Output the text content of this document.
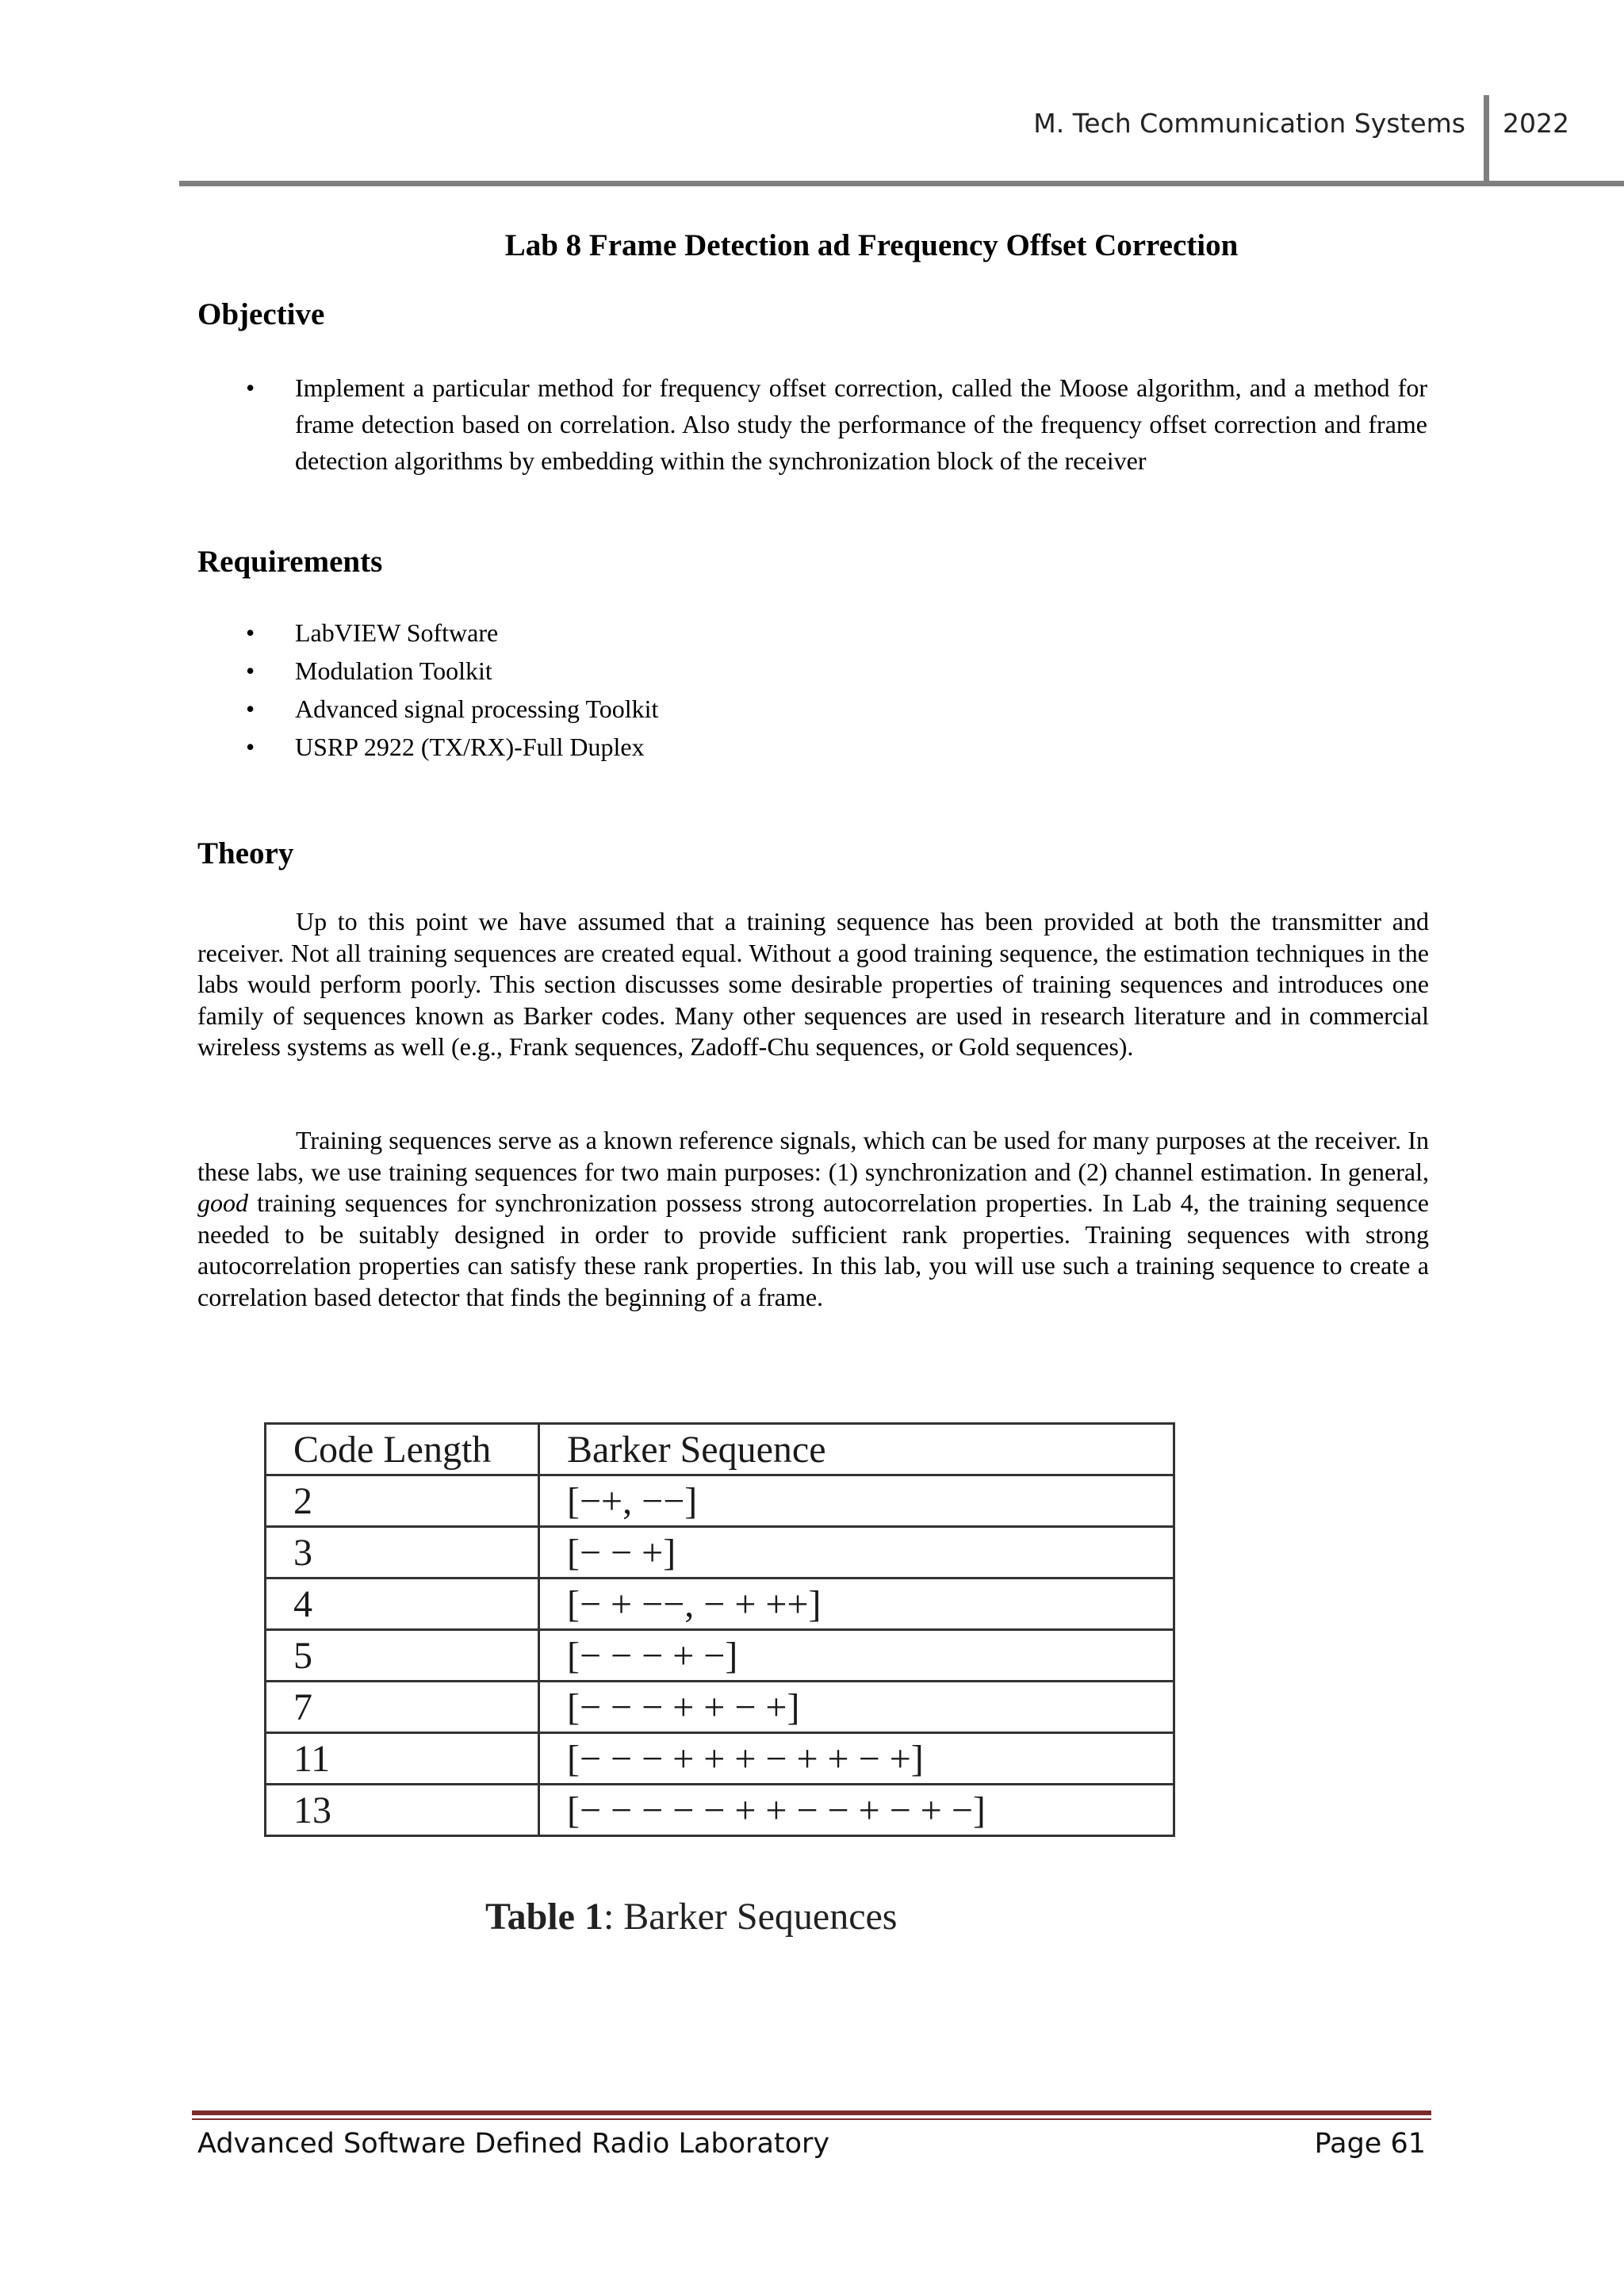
M. Tech Communication Systems 2022
Lab 8 Frame Detection ad Frequency Offset Correction
Objective
• Implement a particular method for frequency offset correction, called the Moose algorithm, and a method for frame detection based on correlation. Also study the performance of the frequency offset correction and frame detection algorithms by embedding within the synchronization block of the receiver
Requirements
• LabVIEW Software
• Modulation Toolkit
• Advanced signal processing Toolkit
• USRP 2922 (TX/RX)-Full Duplex
Theory

Up to this point we have assumed that a training sequence has been provided at both the transmitter and receiver. Not all training sequences are created equal. Without a good training sequence, the estimation techniques in the labs would perform poorly. This section discusses some desirable properties of training sequences and introduces one family of sequences known as Barker codes. Many other sequences are used in research literature and in commercial wireless systems as well (e.g., Frank sequences, Zadoff-Chu sequences, or Gold sequences).

Training sequences serve as a known reference signals, which can be used for many purposes at the receiver. In these labs, we use training sequences for two main purposes: (1) synchronization and (2) channel estimation. In general, good training sequences for synchronization possess strong autocorrelation properties. In Lab 4, the training sequence needed to be suitably designed in order to provide sufficient rank properties. Training sequences with strong autocorrelation properties can satisfy these rank properties. In this lab, you will use such a training sequence to create a correlation based detector that finds the beginning of a frame.

Code Length	Barker Sequence
2	[−+, −−]
3	[− − +]
4	[− + −−, − + ++]
5	[− − − + −]
7	[− − − + + − +]
11	[− − − + + + − + + − +]
13	[− − − − − + + − − + − + −]
Table 1: Barker Sequences
Advanced Software Defined Radio Laboratory	Page 61
